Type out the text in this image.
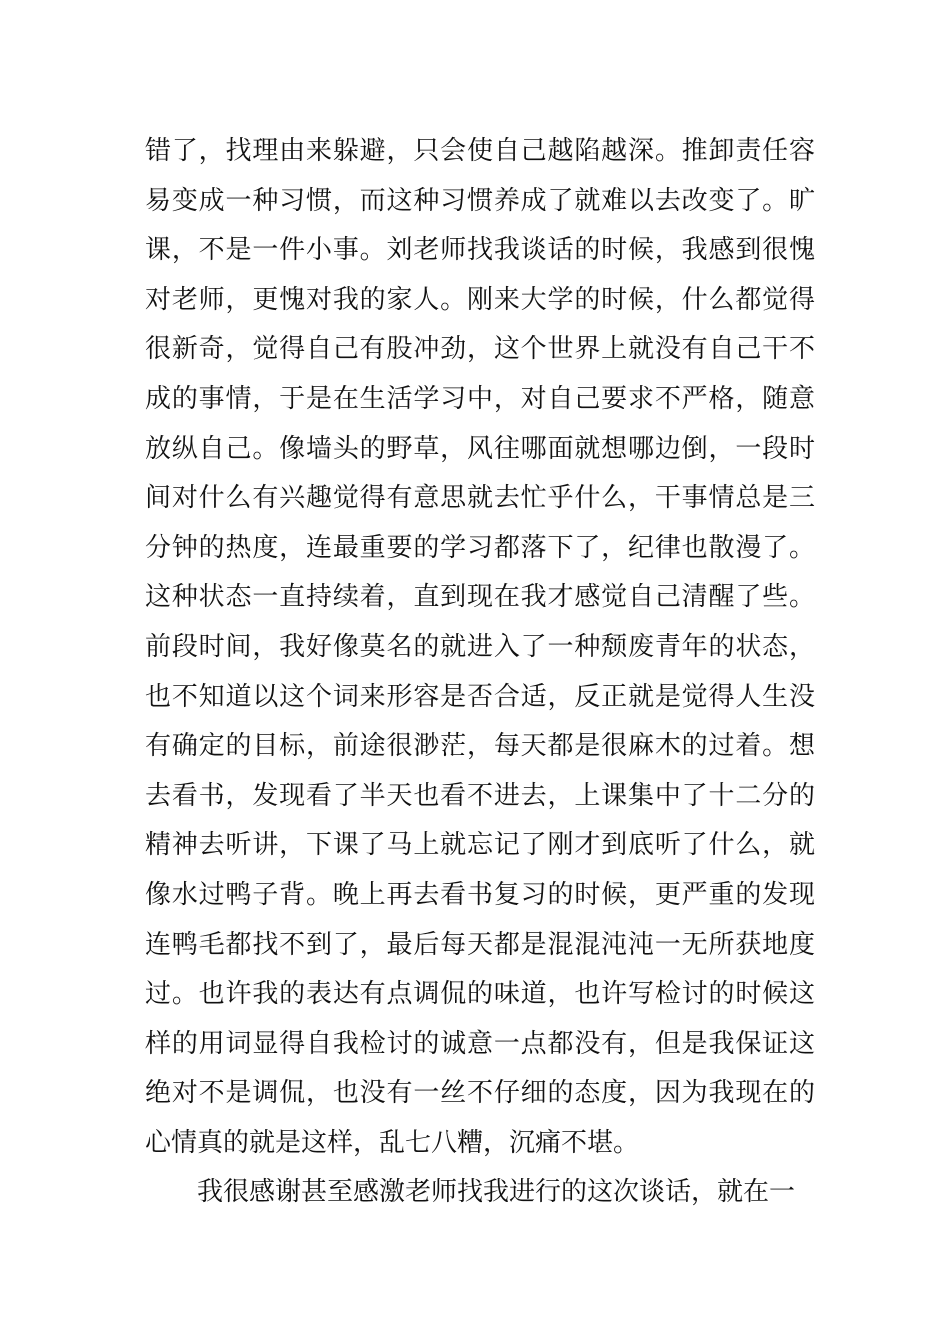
错了，找理由来躲避，只会使自己越陷越深。推卸责任容
易变成一种习惯，而这种习惯养成了就难以去改变了。旷
课，不是一件小事。刘老师找我谈话的时候，我感到很愧
对老师，更愧对我的家人。刚来大学的时候，什么都觉得
很新奇，觉得自己有股冲劲，这个世界上就没有自己干不
成的事情，于是在生活学习中，对自己要求不严格，随意
放纵自己。像墙头的野草，风往哪面就想哪边倒，一段时
间对什么有兴趣觉得有意思就去忙乎什么，干事情总是三
分钟的热度，连最重要的学习都落下了，纪律也散漫了。
这种状态一直持续着，直到现在我才感觉自己清醒了些。
前段时间，我好像莫名的就进入了一种颓废青年的状态，
也不知道以这个词来形容是否合适，反正就是觉得人生没
有确定的目标，前途很渺茫，每天都是很麻木的过着。想
去看书，发现看了半天也看不进去，上课集中了十二分的
精神去听讲，下课了马上就忘记了刚才到底听了什么，就
像水过鸭子背。晚上再去看书复习的时候，更严重的发现
连鸭毛都找不到了，最后每天都是混混沌沌一无所获地度
过。也许我的表达有点调侃的味道，也许写检讨的时候这
样的用词显得自我检讨的诚意一点都没有，但是我保证这
绝对不是调侃，也没有一丝不仔细的态度，因为我现在的
心情真的就是这样，乱七八糟，沉痛不堪。
我很感谢甚至感激老师找我进行的这次谈话，就在一
